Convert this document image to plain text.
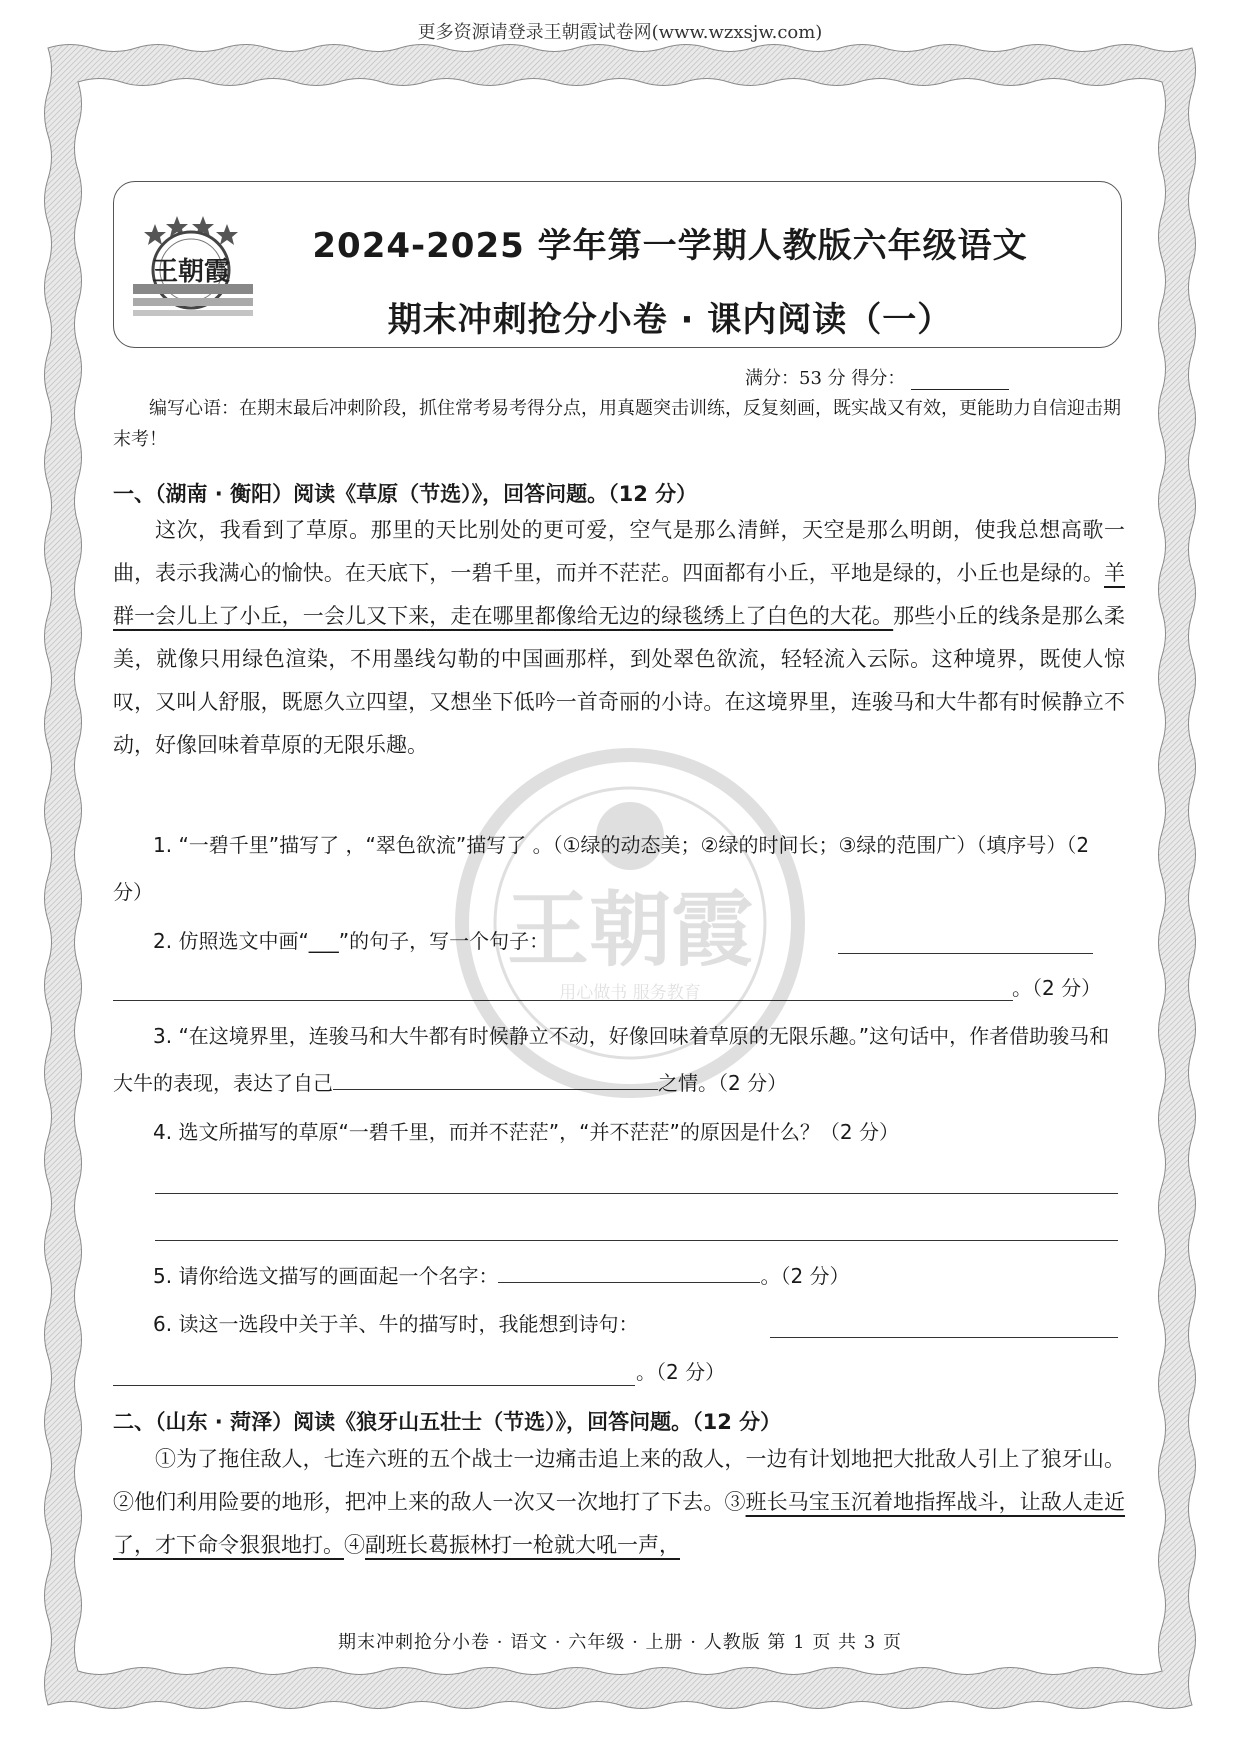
更多资源请登录王朝霞试卷网(www.wzxsjw.com)
王朝霞
2024-2025 学年第一学期人教版六年级语文
期末冲刺抢分小卷 · 课内阅读（一）
满分：53 分 得分：
编写心语：在期末最后冲刺阶段，抓住常考易考得分点，用真题突击训练，反复刻画，既实战又有效，更能助力自信迎击期末考！
一、（湖南 · 衡阳）阅读《草原（节选）》，回答问题。（12 分）
这次，我看到了草原。那里的天比别处的更可爱，空气是那么清鲜，天空是那么明朗，使我总想高歌一曲，表示我满心的愉快。在天底下，一碧千里，而并不茫茫。四面都有小丘，平地是绿的，小丘也是绿的。羊群一会儿上了小丘，一会儿又下来，走在哪里都像给无边的绿毯绣上了白色的大花。那些小丘的线条是那么柔美，就像只用绿色渲染，不用墨线勾勒的中国画那样，到处翠色欲流，轻轻流入云际。这种境界，既使人惊叹，又叫人舒服，既愿久立四望，又想坐下低吟一首奇丽的小诗。在这境界里，连骏马和大牛都有时候静立不动，好像回味着草原的无限乐趣。
1. “一碧千里”描写了 ，“翠色欲流”描写了 。（①绿的动态美；②绿的时间长；③绿的范围广）（填序号）（2 分）
2. 仿照选文中画“___”的句子，写一个句子：
。（2 分）
3. “在这境界里，连骏马和大牛都有时候静立不动，好像回味着草原的无限乐趣。”这句话中，作者借助骏马和大牛的表现，表达了自己	之情。（2 分）
4. 选文所描写的草原“一碧千里，而并不茫茫”，“并不茫茫”的原因是什么？（2 分）
5. 请你给选文描写的画面起一个名字：	。（2 分）
6. 读这一选段中关于羊、牛的描写时，我能想到诗句：
。（2 分）
二、（山东 · 菏泽）阅读《狼牙山五壮士（节选）》，回答问题。（12 分）
①为了拖住敌人，七连六班的五个战士一边痛击追上来的敌人，一边有计划地把大批敌人引上了狼牙山。②他们利用险要的地形，把冲上来的敌人一次又一次地打了下去。③班长马宝玉沉着地指挥战斗，让敌人走近了，才下命令狠狠地打。④副班长葛振林打一枪就大吼一声，
王朝霞
用心做书 服务教育
期末冲刺抢分小卷 · 语文 · 六年级 · 上册 · 人教版 第 1 页 共 3 页
